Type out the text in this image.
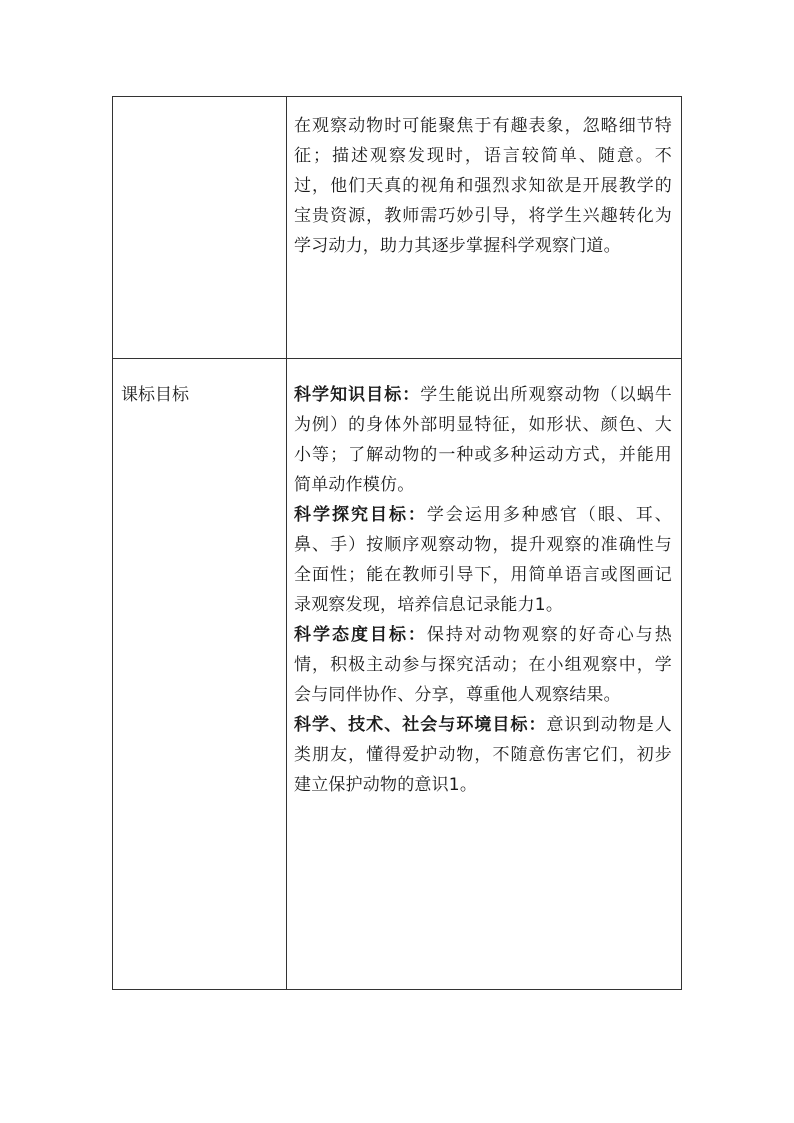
在观察动物时可能聚焦于有趣表象，忽略细节特征；描述观察发现时，语言较简单、随意。不过，他们天真的视角和强烈求知欲是开展教学的宝贵资源，教师需巧妙引导，将学生兴趣转化为学习动力，助力其逐步掌握科学观察门道。

课标目标	科学知识目标：学生能说出所观察动物（以蜗牛为例）的身体外部明显特征，如形状、颜色、大小等；了解动物的一种或多种运动方式，并能用简单动作模仿。

科学探究目标：学会运用多种感官（眼、耳、鼻、手）按顺序观察动物，提升观察的准确性与全面性；能在教师引导下，用简单语言或图画记录观察发现，培养信息记录能力1。

科学态度目标：保持对动物观察的好奇心与热情，积极主动参与探究活动；在小组观察中，学会与同伴协作、分享，尊重他人观察结果。

科学、技术、社会与环境目标：意识到动物是人类朋友，懂得爱护动物，不随意伤害它们，初步建立保护动物的意识1。
